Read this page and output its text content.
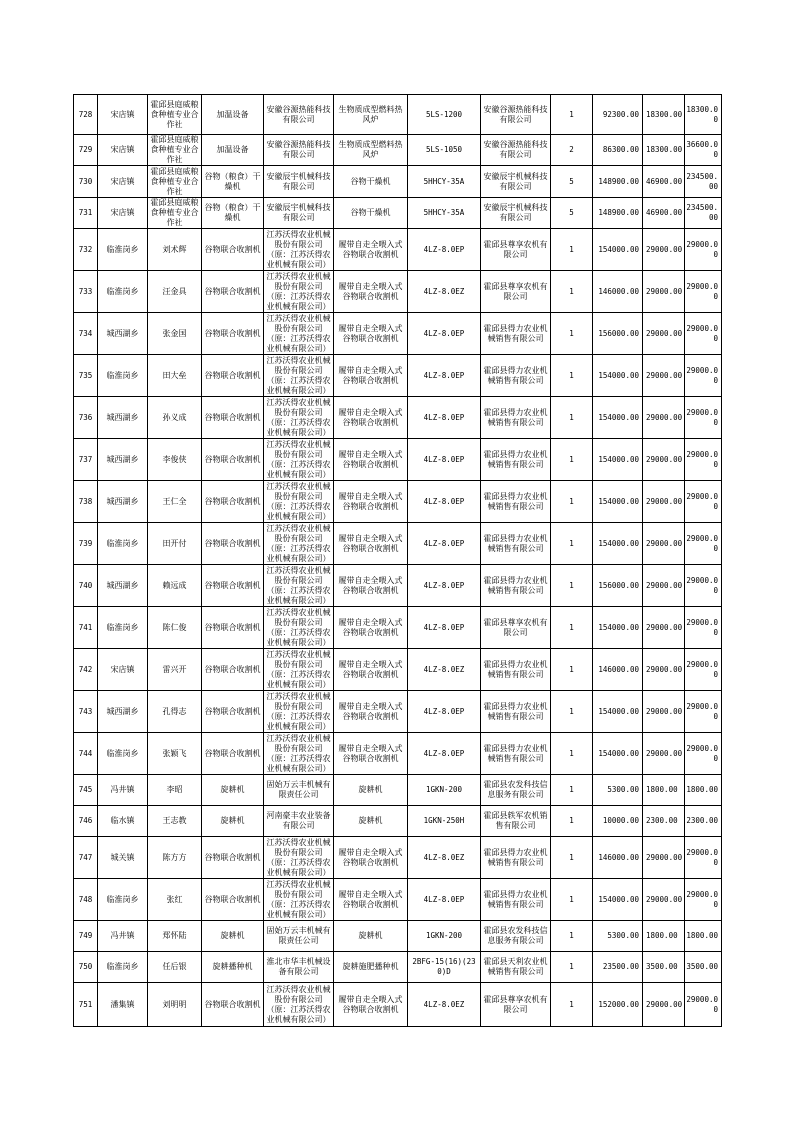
728	宋店镇	霍邱县庭威粮食种植专业合作社	加温设备	安徽谷源热能科技有限公司	生物质成型燃料热风炉	5LS-1200	安徽谷源热能科技有限公司	1	92300.00	18300.00	18300.00
729	宋店镇	霍邱县庭威粮食种植专业合作社	加温设备	安徽谷源热能科技有限公司	生物质成型燃料热风炉	5LS-1050	安徽谷源热能科技有限公司	2	86300.00	18300.00	36600.00
730	宋店镇	霍邱县庭威粮食种植专业合作社	谷物（粮食）干燥机	安徽辰宇机械科技有限公司	谷物干燥机	5HHCY-35A	安徽辰宇机械科技有限公司	5	148900.00	46900.00	234500.00
731	宋店镇	霍邱县庭威粮食种植专业合作社	谷物（粮食）干燥机	安徽辰宇机械科技有限公司	谷物干燥机	5HHCY-35A	安徽辰宇机械科技有限公司	5	148900.00	46900.00	234500.00
732	临淮岗乡	刘术辉	谷物联合收割机	江苏沃得农业机械股份有限公司（原：江苏沃得农业机械有限公司）	履带自走全喂入式谷物联合收割机	4LZ-8.0EP	霍邱县尊享农机有限公司	1	154000.00	29000.00	29000.00
733	临淮岗乡	汪金具	谷物联合收割机	江苏沃得农业机械股份有限公司（原：江苏沃得农业机械有限公司）	履带自走全喂入式谷物联合收割机	4LZ-8.0EZ	霍邱县尊享农机有限公司	1	146000.00	29000.00	29000.00
734	城西湖乡	张金国	谷物联合收割机	江苏沃得农业机械股份有限公司（原：江苏沃得农业机械有限公司）	履带自走全喂入式谷物联合收割机	4LZ-8.0EP	霍邱县得力农业机械销售有限公司	1	156000.00	29000.00	29000.00
735	临淮岗乡	田大垒	谷物联合收割机	江苏沃得农业机械股份有限公司（原：江苏沃得农业机械有限公司）	履带自走全喂入式谷物联合收割机	4LZ-8.0EP	霍邱县得力农业机械销售有限公司	1	154000.00	29000.00	29000.00
736	城西湖乡	孙义成	谷物联合收割机	江苏沃得农业机械股份有限公司（原：江苏沃得农业机械有限公司）	履带自走全喂入式谷物联合收割机	4LZ-8.0EP	霍邱县得力农业机械销售有限公司	1	154000.00	29000.00	29000.00
737	城西湖乡	李俊侠	谷物联合收割机	江苏沃得农业机械股份有限公司（原：江苏沃得农业机械有限公司）	履带自走全喂入式谷物联合收割机	4LZ-8.0EP	霍邱县得力农业机械销售有限公司	1	154000.00	29000.00	29000.00
738	城西湖乡	王仁全	谷物联合收割机	江苏沃得农业机械股份有限公司（原：江苏沃得农业机械有限公司）	履带自走全喂入式谷物联合收割机	4LZ-8.0EP	霍邱县得力农业机械销售有限公司	1	154000.00	29000.00	29000.00
739	临淮岗乡	田开付	谷物联合收割机	江苏沃得农业机械股份有限公司（原：江苏沃得农业机械有限公司）	履带自走全喂入式谷物联合收割机	4LZ-8.0EP	霍邱县得力农业机械销售有限公司	1	154000.00	29000.00	29000.00
740	城西湖乡	赖远成	谷物联合收割机	江苏沃得农业机械股份有限公司（原：江苏沃得农业机械有限公司）	履带自走全喂入式谷物联合收割机	4LZ-8.0EP	霍邱县得力农业机械销售有限公司	1	156000.00	29000.00	29000.00
741	临淮岗乡	陈仁俊	谷物联合收割机	江苏沃得农业机械股份有限公司（原：江苏沃得农业机械有限公司）	履带自走全喂入式谷物联合收割机	4LZ-8.0EP	霍邱县尊享农机有限公司	1	154000.00	29000.00	29000.00
742	宋店镇	雷兴开	谷物联合收割机	江苏沃得农业机械股份有限公司（原：江苏沃得农业机械有限公司）	履带自走全喂入式谷物联合收割机	4LZ-8.0EZ	霍邱县得力农业机械销售有限公司	1	146000.00	29000.00	29000.00
743	城西湖乡	孔得志	谷物联合收割机	江苏沃得农业机械股份有限公司（原：江苏沃得农业机械有限公司）	履带自走全喂入式谷物联合收割机	4LZ-8.0EP	霍邱县得力农业机械销售有限公司	1	154000.00	29000.00	29000.00
744	临淮岗乡	张颖飞	谷物联合收割机	江苏沃得农业机械股份有限公司（原：江苏沃得农业机械有限公司）	履带自走全喂入式谷物联合收割机	4LZ-8.0EP	霍邱县得力农业机械销售有限公司	1	154000.00	29000.00	29000.00
745	冯井镇	李昭	旋耕机	固始万云丰机械有限责任公司	旋耕机	1GKN-200	霍邱县农发科技信息服务有限公司	1	5300.00	1800.00	1800.00
746	临水镇	王志教	旋耕机	河南豪丰农业装备有限公司	旋耕机	1GKN-250H	霍邱县轶军农机销售有限公司	1	10000.00	2300.00	2300.00
747	城关镇	陈方方	谷物联合收割机	江苏沃得农业机械股份有限公司（原：江苏沃得农业机械有限公司）	履带自走全喂入式谷物联合收割机	4LZ-8.0EZ	霍邱县得力农业机械销售有限公司	1	146000.00	29000.00	29000.00
748	临淮岗乡	张红	谷物联合收割机	江苏沃得农业机械股份有限公司（原：江苏沃得农业机械有限公司）	履带自走全喂入式谷物联合收割机	4LZ-8.0EP	霍邱县得力农业机械销售有限公司	1	154000.00	29000.00	29000.00
749	冯井镇	郑怀陆	旋耕机	固始万云丰机械有限责任公司	旋耕机	1GKN-200	霍邱县农发科技信息服务有限公司	1	5300.00	1800.00	1800.00
750	临淮岗乡	任后银	旋耕播种机	淮北市华丰机械设备有限公司	旋耕施肥播种机	2BFG-15(16)(230)D	霍邱县天利农业机械销售有限公司	1	23500.00	3500.00	3500.00
751	潘集镇	刘明明	谷物联合收割机	江苏沃得农业机械股份有限公司（原：江苏沃得农业机械有限公司）	履带自走全喂入式谷物联合收割机	4LZ-8.0EZ	霍邱县尊享农机有限公司	1	152000.00	29000.00	29000.00
